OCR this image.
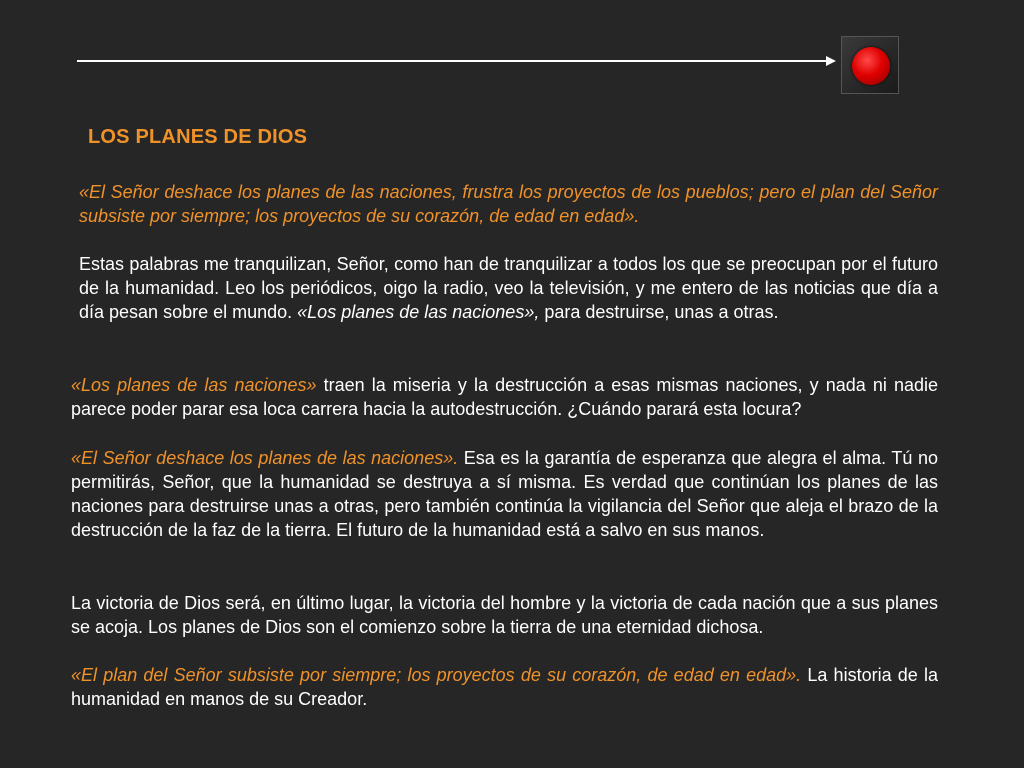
LOS PLANES DE DIOS

«El Señor deshace los planes de las naciones, frustra los proyectos de los pueblos; pero el plan del Señor subsiste por siempre; los proyectos de su corazón, de edad en edad».

Estas palabras me tranquilizan, Señor, como han de tranquilizar a todos los que se preocupan por el futuro de la humanidad. Leo los periódicos, oigo la radio, veo la televisión, y me entero de las noticias que día a día pesan sobre el mundo. «Los planes de las naciones», para destruirse, unas a otras.

«Los planes de las naciones» traen la miseria y la destrucción a esas mismas naciones, y nada ni nadie parece poder parar esa loca carrera hacia la autodestrucción. ¿Cuándo parará esta locura?

«El Señor deshace los planes de las naciones». Esa es la garantía de esperanza que alegra el alma. Tú no permitirás, Señor, que la humanidad se destruya a sí misma. Es verdad que continúan los planes de las naciones para destruirse unas a otras, pero también continúa la vigilancia del Señor que aleja el brazo de la destrucción de la faz de la tierra. El futuro de la humanidad está a salvo en sus manos.

La victoria de Dios será, en último lugar, la victoria del hombre y la victoria de cada nación que a sus planes se acoja. Los planes de Dios son el comienzo sobre la tierra de una eternidad dichosa.

«El plan del Señor subsiste por siempre; los proyectos de su corazón, de edad en edad». La historia de la humanidad en manos de su Creador.
